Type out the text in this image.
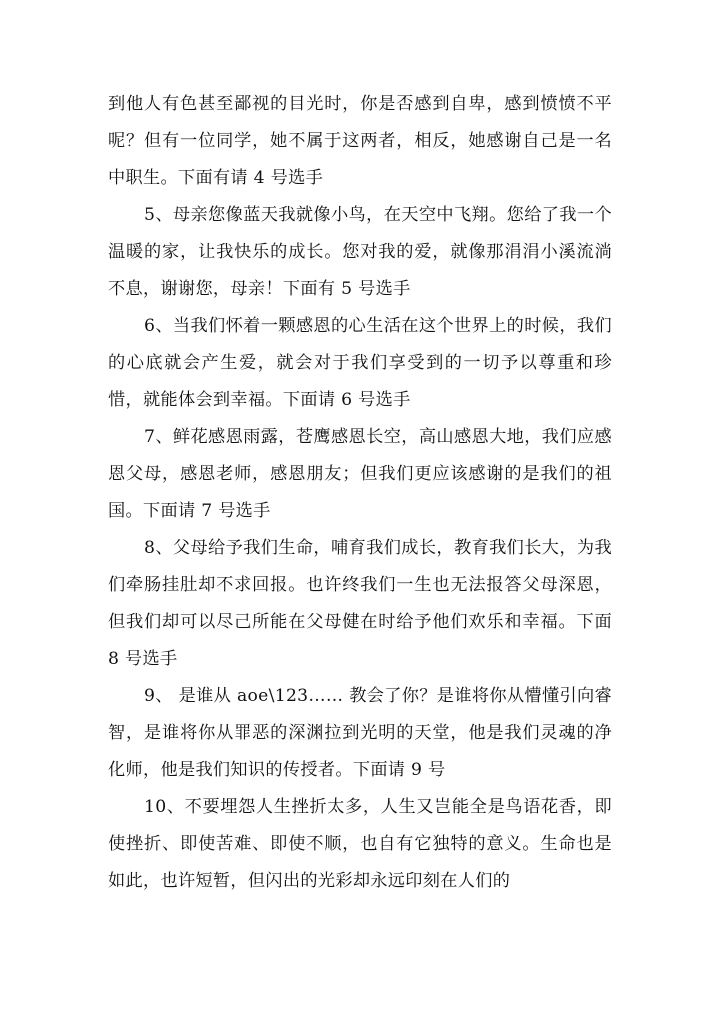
到他人有色甚至鄙视的目光时，你是否感到自卑，感到愤愤不平呢？但有一位同学，她不属于这两者，相反，她感谢自己是一名中职生。下面有请 4 号选手

5、母亲您像蓝天我就像小鸟，在天空中飞翔。您给了我一个温暖的家，让我快乐的成长。您对我的爱，就像那涓涓小溪流淌不息，谢谢您，母亲！下面有 5 号选手

6、当我们怀着一颗感恩的心生活在这个世界上的时候，我们的心底就会产生爱，就会对于我们享受到的一切予以尊重和珍惜，就能体会到幸福。下面请 6 号选手

7、鲜花感恩雨露，苍鹰感恩长空，高山感恩大地，我们应感恩父母，感恩老师，感恩朋友；但我们更应该感谢的是我们的祖国。下面请 7 号选手

8、父母给予我们生命，哺育我们成长，教育我们长大，为我们牵肠挂肚却不求回报。也许终我们一生也无法报答父母深恩，但我们却可以尽己所能在父母健在时给予他们欢乐和幸福。下面 8 号选手

9、 是谁从 aoe\123…… 教会了你？是谁将你从懵懂引向睿智，是谁将你从罪恶的深渊拉到光明的天堂，他是我们灵魂的净化师，他是我们知识的传授者。下面请 9 号

10、不要埋怨人生挫折太多，人生又岂能全是鸟语花香，即使挫折、即使苦难、即使不顺，也自有它独特的意义。生命也是如此，也许短暂，但闪出的光彩却永远印刻在人们的
